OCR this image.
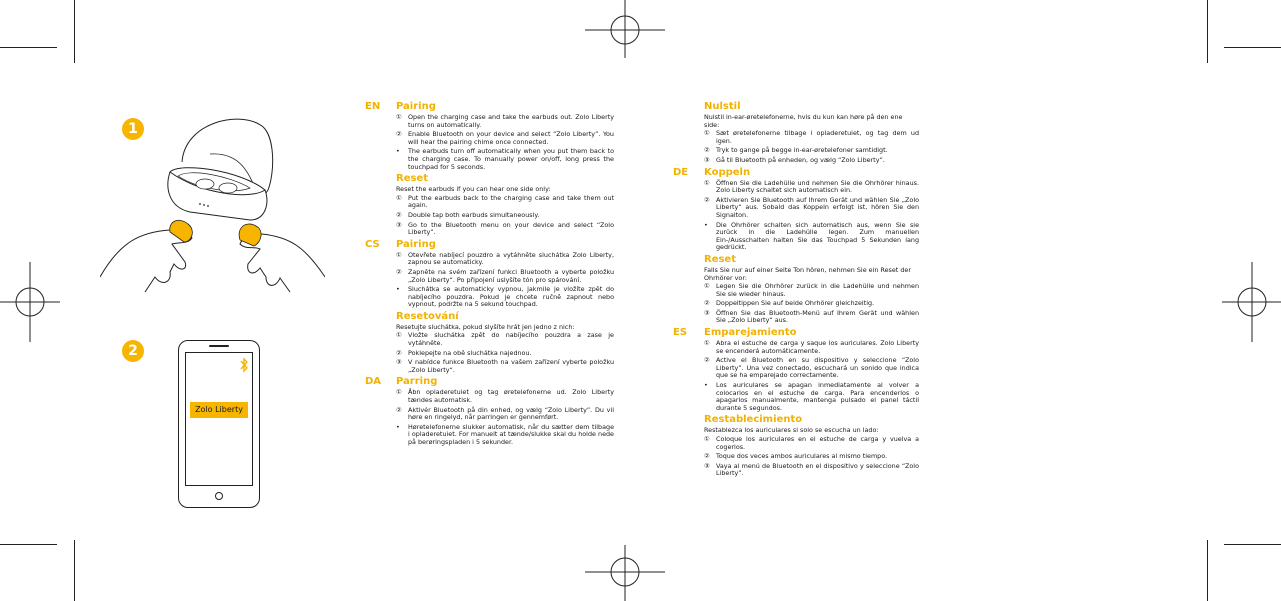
1
2
Zolo Liberty
EN Pairing
① Open the charging case and take the earbuds out. Zolo Liberty turns on automatically.
② Enable Bluetooth on your device and select “Zolo Liberty”. You will hear the pairing chime once connected.
• The earbuds turn off automatically when you put them back to the charging case. To manually power on/off, long press the touchpad for 5 seconds.
Reset
Reset the earbuds if you can hear one side only:
① Put the earbuds back to the charging case and take them out again.
② Double tap both earbuds simultaneously.
③ Go to the Bluetooth menu on your device and select “Zolo Liberty”.
CS Pairing
① Otevřete nabíjecí pouzdro a vytáhněte sluchátka Zolo Liberty, zapnou se automaticky.
② Zapněte na svém zařízení funkci Bluetooth a vyberte položku „Zolo Liberty“. Po připojení uslyšíte tón pro spárování.
• Sluchátka se automaticky vypnou, jakmile je vložíte zpět do nabíjecího pouzdra. Pokud je chcete ručně zapnout nebo vypnout, podržte na 5 sekund touchpad.
Resetování
Resetujte sluchátka, pokud slyšíte hrát jen jedno z nich:
① Vložte sluchátka zpět do nabíjecího pouzdra a zase je vytáhněte.
② Poklepejte na obě sluchátka najednou.
③ V nabídce funkce Bluetooth na vašem zařízení vyberte položku „Zolo Liberty“.
DA Parring
① Åbn opladeretuiet og tag øretelefonerne ud. Zolo Liberty tændes automatisk.
② Aktivér Bluetooth på din enhed, og vælg “Zolo Liberty”. Du vil høre en ringelyd, når parringen er gennemført.
• Høretelefonerne slukker automatisk, når du sætter dem tilbage i opladeretuiet. For manuelt at tænde/slukke skal du holde nede på berøringspladen i 5 sekunder.
Nulstil
Nulstil in-ear-øretelefonerne, hvis du kun kan høre på den ene side:
① Sæt øretelefonerne tilbage i opladeretuiet, og tag dem ud igen.
② Tryk to gange på begge in-ear-øretelefoner samtidigt.
③ Gå til Bluetooth på enheden, og vælg “Zolo Liberty”.
DE Koppeln
① Öffnen Sie die Ladehülle und nehmen Sie die Ohrhörer hinaus. Zolo Liberty schaltet sich automatisch ein.
② Aktivieren Sie Bluetooth auf Ihrem Gerät und wählen Sie „Zolo Liberty“ aus. Sobald das Koppeln erfolgt ist, hören Sie den Signalton.
• Die Ohrhörer schalten sich automatisch aus, wenn Sie sie zurück in die Ladehülle legen. Zum manuellen Ein-/Ausschalten halten Sie das Touchpad 5 Sekunden lang gedrückt.
Reset
Falls Sie nur auf einer Seite Ton hören, nehmen Sie ein Reset der Ohrhörer vor:
① Legen Sie die Ohrhörer zurück in die Ladehülle und nehmen Sie sie wieder hinaus.
② Doppeltippen Sie auf beide Ohrhörer gleichzeitig.
③ Öffnen Sie das Bluetooth-Menü auf Ihrem Gerät und wählen Sie „Zolo Liberty“ aus.
ES Emparejamiento
① Abra el estuche de carga y saque los auriculares. Zolo Liberty se encenderá automáticamente.
② Active el Bluetooth en su dispositivo y seleccione “Zolo Liberty”. Una vez conectado, escuchará un sonido que indica que se ha emparejado correctamente.
• Los auriculares se apagan inmediatamente al volver a colocarlos en el estuche de carga. Para encenderlos o apagarlos manualmente, mantenga pulsado el panel táctil durante 5 segundos.
Restablecimiento
Restablezca los auriculares si solo se escucha un lado:
① Coloque los auriculares en el estuche de carga y vuelva a cogerlos.
② Toque dos veces ambos auriculares al mismo tiempo.
③ Vaya al menú de Bluetooth en el dispositivo y seleccione “Zolo Liberty”.
